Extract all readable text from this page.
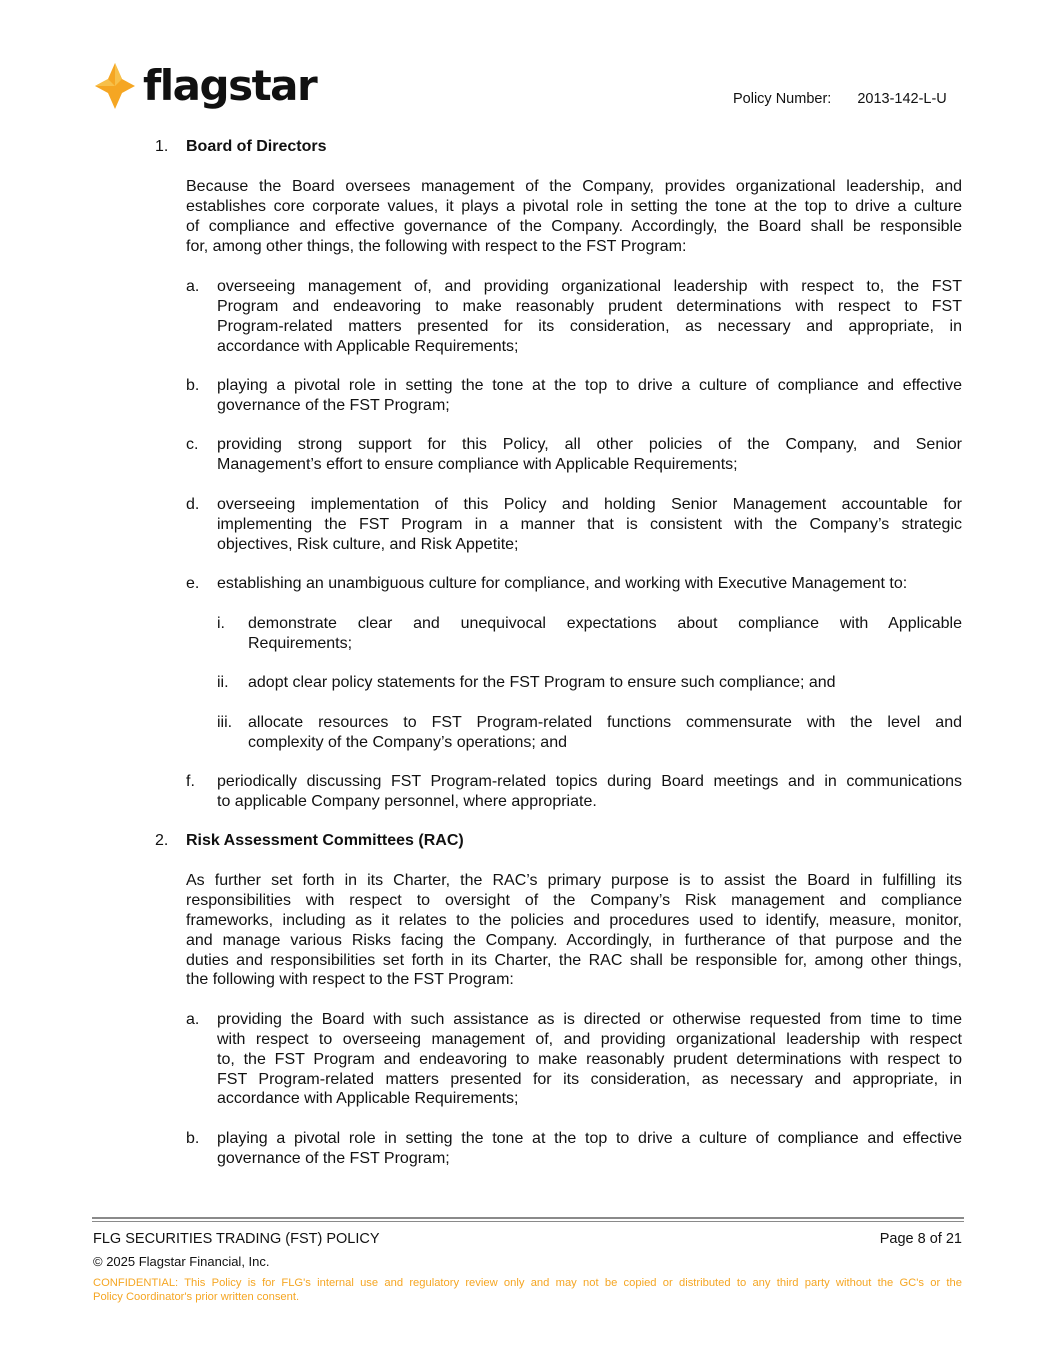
flagstar	Policy Number: 2013-142-L-U
1. Board of Directors
Because the Board oversees management of the Company, provides organizational leadership, and
establishes core corporate values, it plays a pivotal role in setting the tone at the top to drive a culture
of compliance and effective governance of the Company. Accordingly, the Board shall be responsible
for, among other things, the following with respect to the FST Program:
a. overseeing management of, and providing organizational leadership with respect to, the FST
Program and endeavoring to make reasonably prudent determinations with respect to FST
Program-related matters presented for its consideration, as necessary and appropriate, in
accordance with Applicable Requirements;
b. playing a pivotal role in setting the tone at the top to drive a culture of compliance and effective
governance of the FST Program;
c. providing strong support for this Policy, all other policies of the Company, and Senior
Management’s effort to ensure compliance with Applicable Requirements;
d. overseeing implementation of this Policy and holding Senior Management accountable for
implementing the FST Program in a manner that is consistent with the Company’s strategic
objectives, Risk culture, and Risk Appetite;
e. establishing an unambiguous culture for compliance, and working with Executive Management to:
i. demonstrate clear and unequivocal expectations about compliance with Applicable
Requirements;
ii. adopt clear policy statements for the FST Program to ensure such compliance; and
iii. allocate resources to FST Program-related functions commensurate with the level and
complexity of the Company’s operations; and
f. periodically discussing FST Program-related topics during Board meetings and in communications
to applicable Company personnel, where appropriate.
2. Risk Assessment Committees (RAC)
As further set forth in its Charter, the RAC’s primary purpose is to assist the Board in fulfilling its
responsibilities with respect to oversight of the Company’s Risk management and compliance
frameworks, including as it relates to the policies and procedures used to identify, measure, monitor,
and manage various Risks facing the Company. Accordingly, in furtherance of that purpose and the
duties and responsibilities set forth in its Charter, the RAC shall be responsible for, among other things,
the following with respect to the FST Program:
a. providing the Board with such assistance as is directed or otherwise requested from time to time
with respect to overseeing management of, and providing organizational leadership with respect
to, the FST Program and endeavoring to make reasonably prudent determinations with respect to
FST Program-related matters presented for its consideration, as necessary and appropriate, in
accordance with Applicable Requirements;
b. playing a pivotal role in setting the tone at the top to drive a culture of compliance and effective
governance of the FST Program;
FLG SECURITIES TRADING (FST) POLICY	Page 8 of 21
© 2025 Flagstar Financial, Inc.
CONFIDENTIAL: This Policy is for FLG's internal use and regulatory review only and may not be copied or distributed to any third party without the GC's or the
Policy Coordinator's prior written consent.
